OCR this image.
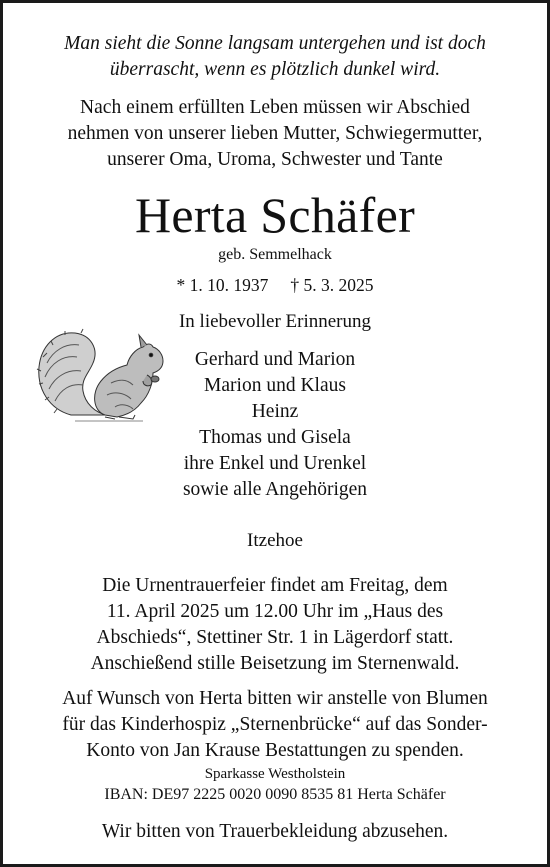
Man sieht die Sonne langsam untergehen und ist doch
überrascht, wenn es plötzlich dunkel wird.
Nach einem erfüllten Leben müssen wir Abschied
nehmen von unserer lieben Mutter, Schwiegermutter,
unserer Oma, Uroma, Schwester und Tante
Herta Schäfer
geb. Semmelhack
* 1. 10. 1937 † 5. 3. 2025
In liebevoller Erinnerung
Gerhard und Marion
Marion und Klaus
Heinz
Thomas und Gisela
ihre Enkel und Urenkel
sowie alle Angehörigen
Itzehoe
Die Urnentrauerfeier findet am Freitag, dem
11. April 2025 um 12.00 Uhr im „Haus des
Abschieds“, Stettiner Str. 1 in Lägerdorf statt.
Anschießend stille Beisetzung im Sternenwald.
Auf Wunsch von Herta bitten wir anstelle von Blumen
für das Kinderhospiz „Sternenbrücke“ auf das Sonder-
Konto von Jan Krause Bestattungen zu spenden.
Sparkasse Westholstein
IBAN: DE97 2225 0020 0090 8535 81 Herta Schäfer
Wir bitten von Trauerbekleidung abzusehen.
